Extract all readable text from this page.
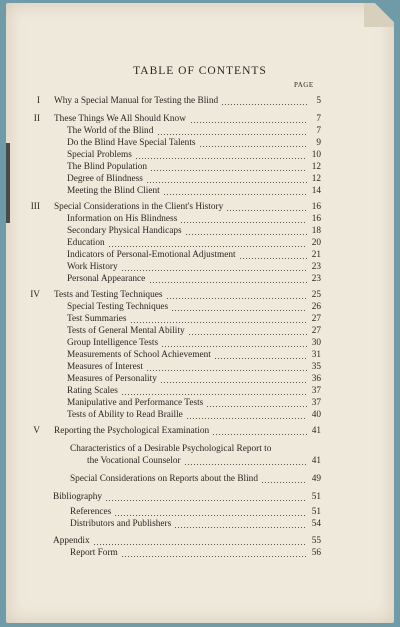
TABLE OF CONTENTS
PAGE
I Why a Special Manual for Testing the Blind	5
II These Things We All Should Know	7
The World of the Blind	7
Do the Blind Have Special Talents	9
Special Problems	10
The Blind Population	12
Degree of Blindness	12
Meeting the Blind Client	14
III Special Considerations in the Client's History	16
Information on His Blindness	16
Secondary Physical Handicaps	18
Education	20
Indicators of Personal-Emotional Adjustment	21
Work History	23
Personal Appearance	23
IV Tests and Testing Techniques	25
Special Testing Techniques	26
Test Summaries	27
Tests of General Mental Ability	27
Group Intelligence Tests	30
Measurements of School Achievement	31
Measures of Interest	35
Measures of Personality	36
Rating Scales	37
Manipulative and Performance Tests	37
Tests of Ability to Read Braille	40
V Reporting the Psychological Examination	41
Characteristics of a Desirable Psychological Report to
the Vocational Counselor	41
Special Considerations on Reports about the Blind	49
Bibliography	51
References	51
Distributors and Publishers	54
Appendix	55
Report Form	56
